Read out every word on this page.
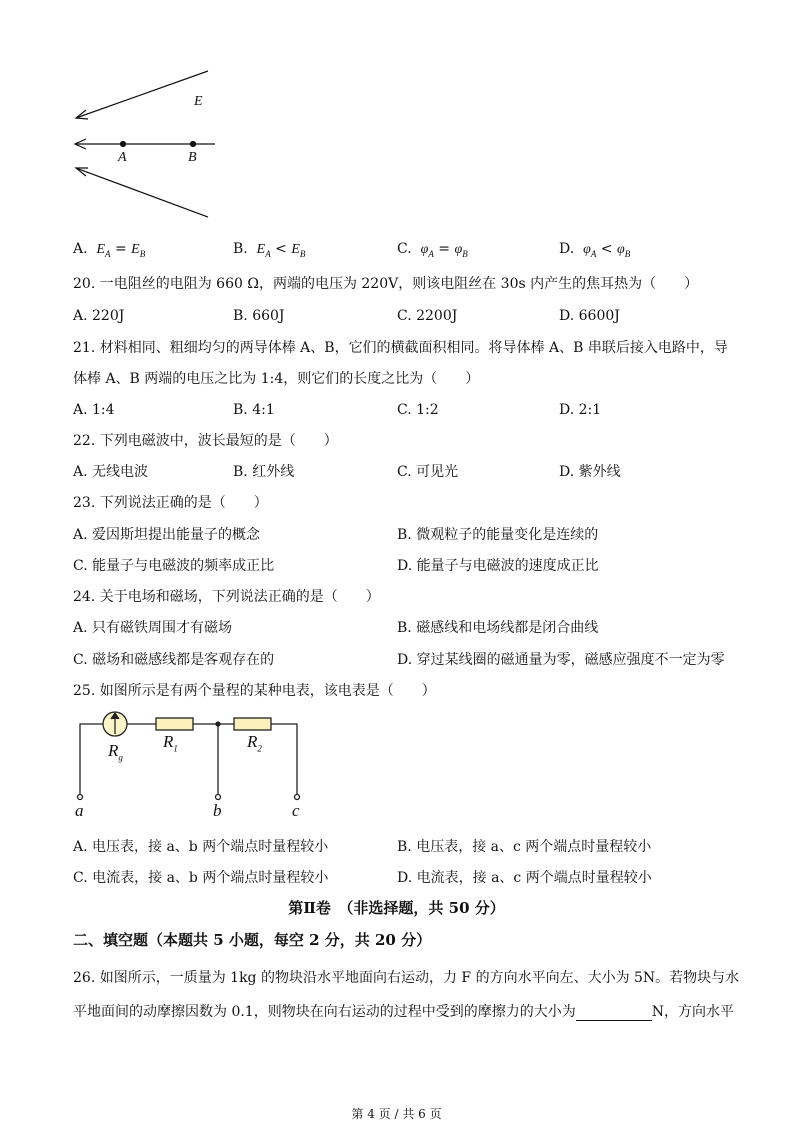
E
A	B
A. $E_A = E_B$	B. $E_A < E_B$	C. $\varphi_A = \varphi_B$	D. $\varphi_A < \varphi_B$
20. 一电阻丝的电阻为 660 Ω，两端的电压为 220V，则该电阻丝在 30s 内产生的焦耳热为（　　）
A. 220J	B. 660J	C. 2200J	D. 6600J
21. 材料相同、粗细均匀的两导体棒 A、B，它们的横截面积相同。将导体棒 A、B 串联后接入电路中，导
体棒 A、B 两端的电压之比为 1:4，则它们的长度之比为（　　）
A. 1:4	B. 4:1	C. 1:2	D. 2:1
22. 下列电磁波中，波长最短的是（　　）
A. 无线电波	B. 红外线	C. 可见光	D. 紫外线
23. 下列说法正确的是（　　）
A. 爱因斯坦提出能量子的概念	B. 微观粒子的能量变化是连续的
C. 能量子与电磁波的频率成正比	D. 能量子与电磁波的速度成正比
24. 关于电场和磁场，下列说法正确的是（　　）
A. 只有磁铁周围才有磁场	B. 磁感线和电场线都是闭合曲线
C. 磁场和磁感线都是客观存在的	D. 穿过某线圈的磁通量为零，磁感应强度不一定为零
25. 如图所示是有两个量程的某种电表，该电表是（　　）
$R_g$
$R_1$	$R_2$
a	b	c
A. 电压表，接 a、b 两个端点时量程较小	B. 电压表，接 a、c 两个端点时量程较小
C. 电流表，接 a、b 两个端点时量程较小	D. 电流表，接 a、c 两个端点时量程较小
第Ⅱ卷　（非选择题，共 50 分）
二、填空题（本题共 5 小题，每空 2 分，共 20 分）
26. 如图所示，一质量为 1kg 的物块沿水平地面向右运动，力 F 的方向水平向左、大小为 5N。若物块与水
平地面间的动摩擦因数为 0.1，则物块在向右运动的过程中受到的摩擦力的大小为	N，方向水平
第 4 页 / 共 6 页
